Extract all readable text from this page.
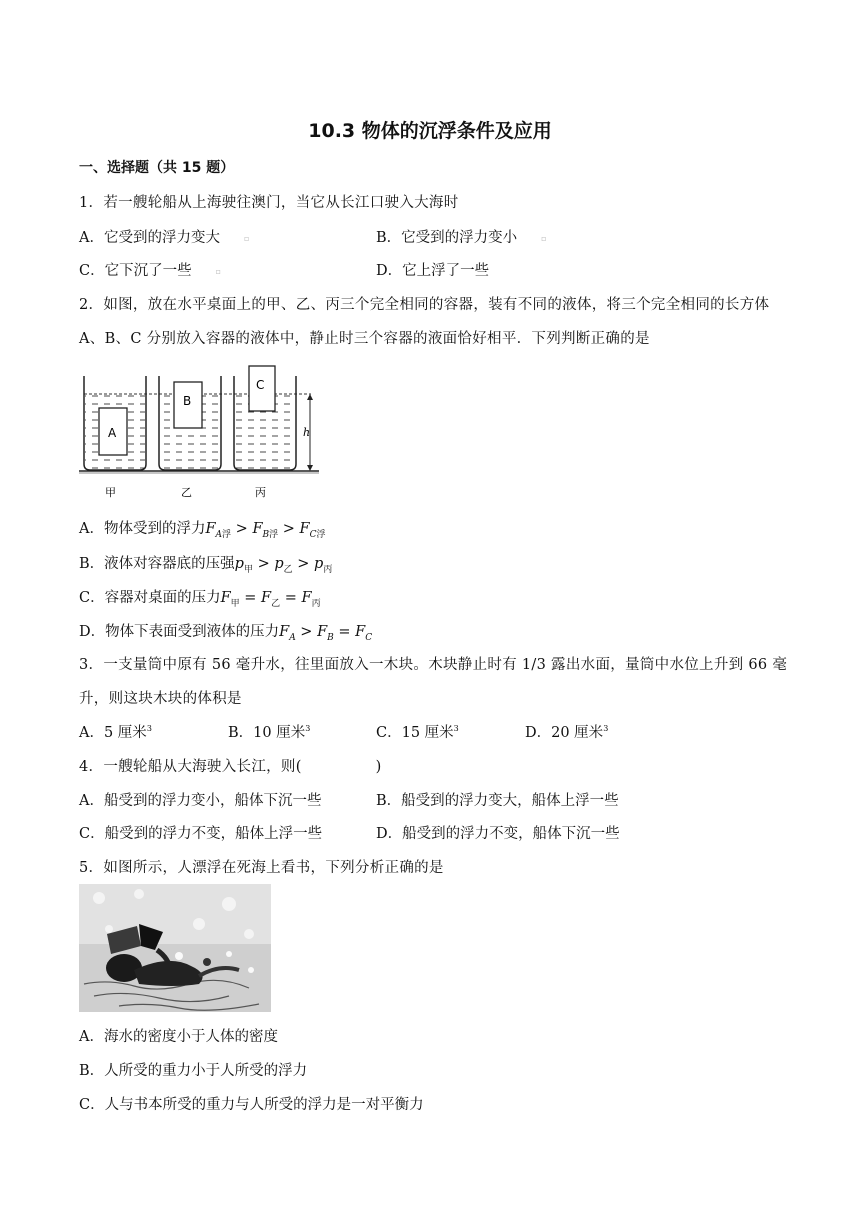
10.3 物体的沉浮条件及应用
一、选择题（共 15 题）
1．若一艘轮船从上海驶往澳门，当它从长江口驶入大海时
A．它受到的浮力变大	▫	B．它受到的浮力变小	▫
C．它下沉了一些	▫	D．它上浮了一些
2．如图，放在水平桌面上的甲、乙、丙三个完全相同的容器，装有不同的液体，将三个完全相同的长方体
A、B、C 分别放入容器的液体中，静止时三个容器的液面恰好相平．下列判断正确的是
A
B
C
h
甲	乙	丙
A．物体受到的浮力$F_{A浮} > F_{B浮} > F_{C浮}$
B．液体对容器底的压强$p_甲 > p_乙 > p_丙$
C．容器对桌面的压力$F_甲 = F_乙 = F_丙$
D．物体下表面受到液体的压力$F_A > F_B = F_C$
3．一支量筒中原有 56 毫升水，往里面放入一木块。木块静止时有 1/3 露出水面，量筒中水位上升到 66 毫
升，则这块木块的体积是
A．5 厘米$^3$	B．10 厘米$^3$	C．15 厘米$^3$	D．20 厘米$^3$
4．一艘轮船从大海驶入长江，则(　　　　　)
A．船受到的浮力变小，船体下沉一些	B．船受到的浮力变大，船体上浮一些
C．船受到的浮力不变，船体上浮一些	D．船受到的浮力不变，船体下沉一些
5．如图所示，人漂浮在死海上看书，下列分析正确的是
A．海水的密度小于人体的密度
B．人所受的重力小于人所受的浮力
C．人与书本所受的重力与人所受的浮力是一对平衡力
